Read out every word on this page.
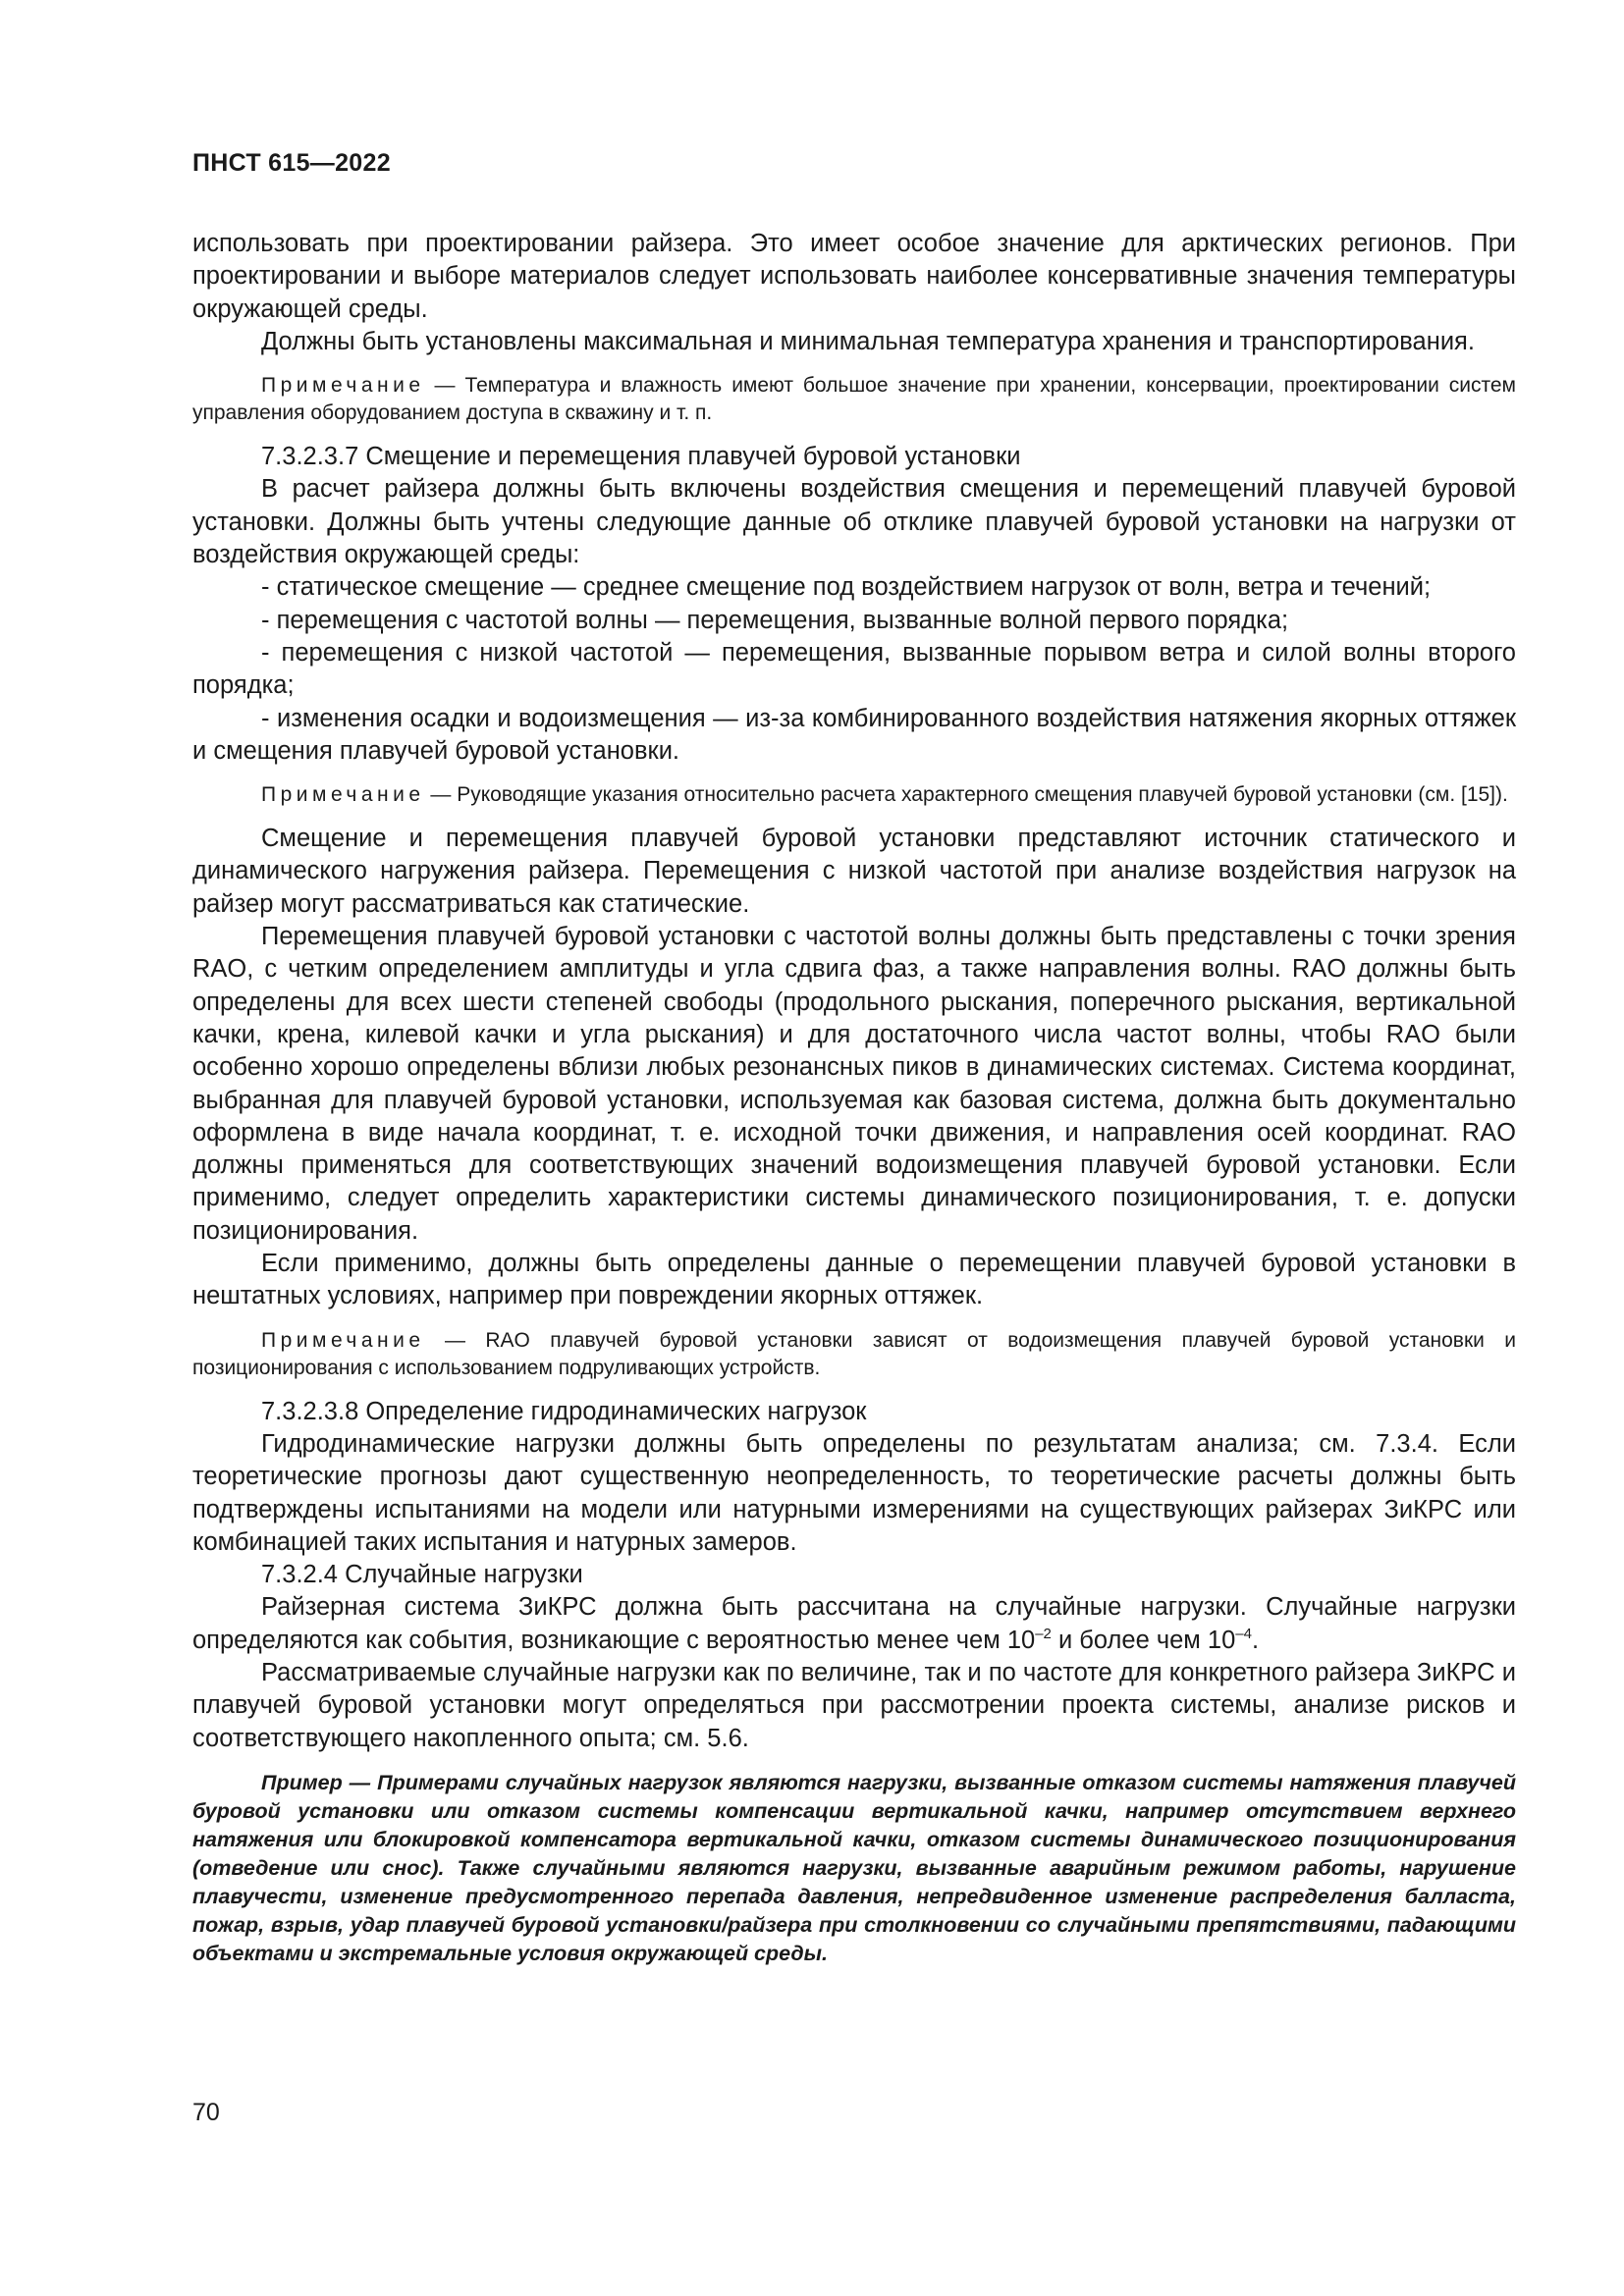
ПНСТ 615—2022

использовать при проектировании райзера. Это имеет особое значение для арктических регионов. При проектировании и выборе материалов следует использовать наиболее консервативные значения температуры окружающей среды.

Должны быть установлены максимальная и минимальная температура хранения и транспортирования.

Примечание — Температура и влажность имеют большое значение при хранении, консервации, проектировании систем управления оборудованием доступа в скважину и т. п.

7.3.2.3.7 Смещение и перемещения плавучей буровой установки

В расчет райзера должны быть включены воздействия смещения и перемещений плавучей буровой установки. Должны быть учтены следующие данные об отклике плавучей буровой установки на нагрузки от воздействия окружающей среды:

- статическое смещение — среднее смещение под воздействием нагрузок от волн, ветра и течений;

- перемещения с частотой волны — перемещения, вызванные волной первого порядка;

- перемещения с низкой частотой — перемещения, вызванные порывом ветра и силой волны второго порядка;

- изменения осадки и водоизмещения — из-за комбинированного воздействия натяжения якорных оттяжек и смещения плавучей буровой установки.

Примечание — Руководящие указания относительно расчета характерного смещения плавучей буровой установки (см. [15]).

Смещение и перемещения плавучей буровой установки представляют источник статического и динамического нагружения райзера. Перемещения с низкой частотой при анализе воздействия нагрузок на райзер могут рассматриваться как статические.

Перемещения плавучей буровой установки с частотой волны должны быть представлены с точки зрения RAO, с четким определением амплитуды и угла сдвига фаз, а также направления волны. RAO должны быть определены для всех шести степеней свободы (продольного рыскания, поперечного рыскания, вертикальной качки, крена, килевой качки и угла рыскания) и для достаточного числа частот волны, чтобы RAO были особенно хорошо определены вблизи любых резонансных пиков в динамических системах. Система координат, выбранная для плавучей буровой установки, используемая как базовая система, должна быть документально оформлена в виде начала координат, т. е. исходной точки движения, и направления осей координат. RAO должны применяться для соответствующих значений водоизмещения плавучей буровой установки. Если применимо, следует определить характеристики системы динамического позиционирования, т. е. допуски позиционирования.

Если применимо, должны быть определены данные о перемещении плавучей буровой установки в нештатных условиях, например при повреждении якорных оттяжек.

Примечание — RAO плавучей буровой установки зависят от водоизмещения плавучей буровой установки и позиционирования с использованием подруливающих устройств.

7.3.2.3.8 Определение гидродинамических нагрузок

Гидродинамические нагрузки должны быть определены по результатам анализа; см. 7.3.4. Если теоретические прогнозы дают существенную неопределенность, то теоретические расчеты должны быть подтверждены испытаниями на модели или натурными измерениями на существующих райзерах ЗиКРС или комбинацией таких испытания и натурных замеров.

7.3.2.4 Случайные нагрузки

Райзерная система ЗиКРС должна быть рассчитана на случайные нагрузки. Случайные нагрузки определяются как события, возникающие с вероятностью менее чем $10^{-2}$ и более чем $10^{-4}$.

Рассматриваемые случайные нагрузки как по величине, так и по частоте для конкретного райзера ЗиКРС и плавучей буровой установки могут определяться при рассмотрении проекта системы, анализе рисков и соответствующего накопленного опыта; см. 5.6.

Пример — Примерами случайных нагрузок являются нагрузки, вызванные отказом системы натяжения плавучей буровой установки или отказом системы компенсации вертикальной качки, например отсутствием верхнего натяжения или блокировкой компенсатора вертикальной качки, отказом системы динамического позиционирования (отведение или снос). Также случайными являются нагрузки, вызванные аварийным режимом работы, нарушение плавучести, изменение предусмотренного перепада давления, непредвиденное изменение распределения балласта, пожар, взрыв, удар плавучей буровой установки/райзера при столкновении со случайными препятствиями, падающими объектами и экстремальные условия окружающей среды.

70
